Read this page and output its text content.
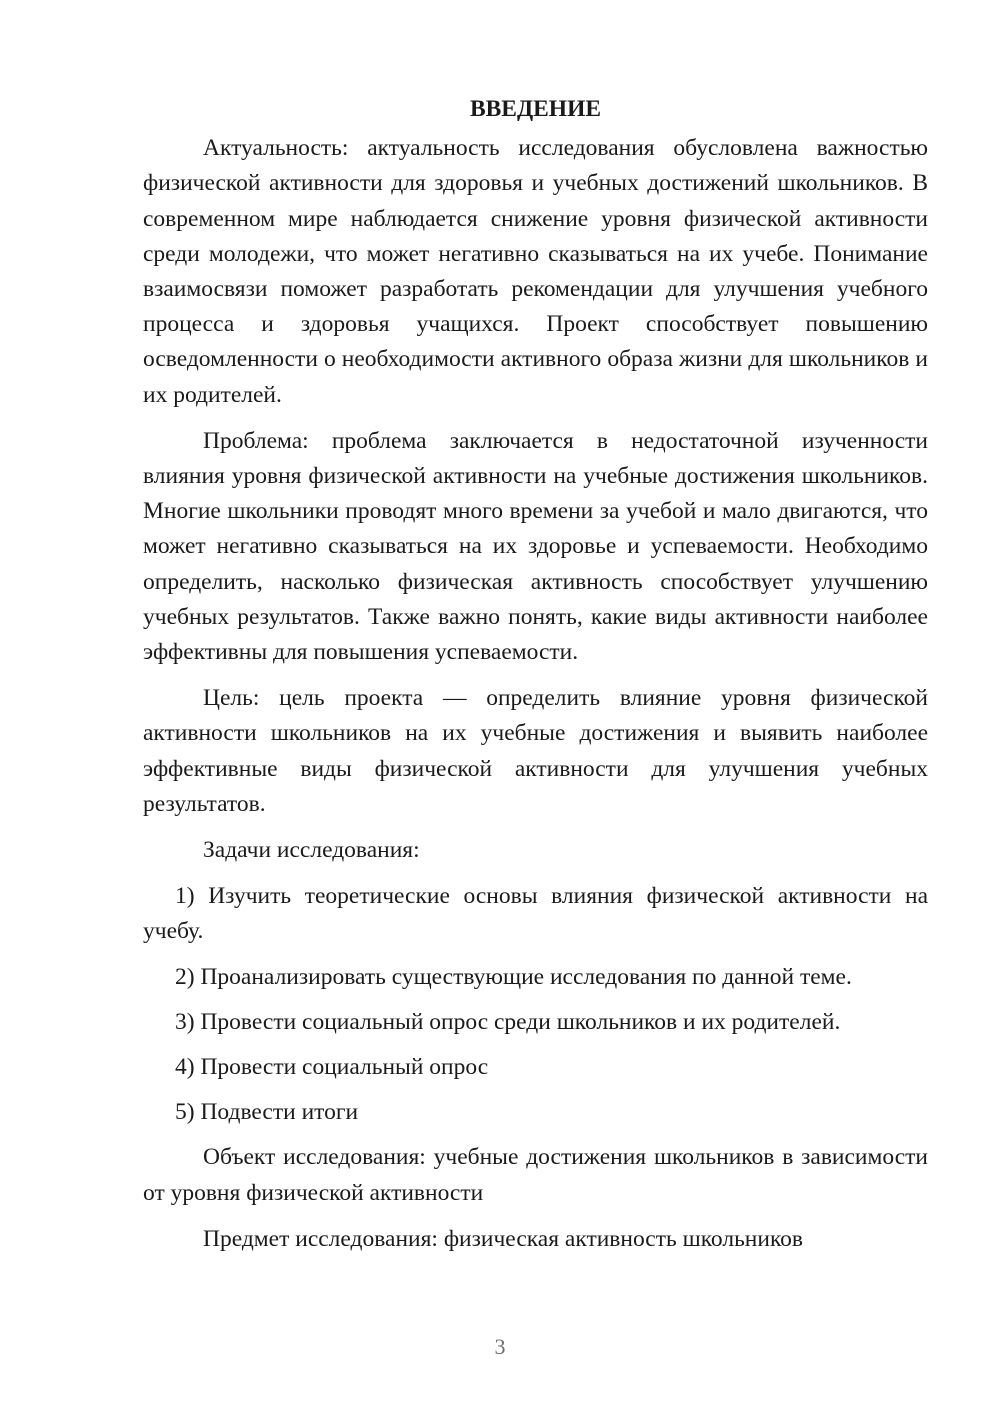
ВВЕДЕНИЕ

Актуальность: актуальность исследования обусловлена важностью физической активности для здоровья и учебных достижений школьников. В современном мире наблюдается снижение уровня физической активности среди молодежи, что может негативно сказываться на их учебе. Понимание взаимосвязи поможет разработать рекомендации для улучшения учебного процесса и здоровья учащихся. Проект способствует повышению осведомленности о необходимости активного образа жизни для школьников и их родителей.

Проблема: проблема заключается в недостаточной изученности влияния уровня физической активности на учебные достижения школьников. Многие школьники проводят много времени за учебой и мало двигаются, что может негативно сказываться на их здоровье и успеваемости. Необходимо определить, насколько физическая активность способствует улучшению учебных результатов. Также важно понять, какие виды активности наиболее эффективны для повышения успеваемости.

Цель: цель проекта — определить влияние уровня физической активности школьников на их учебные достижения и выявить наиболее эффективные виды физической активности для улучшения учебных результатов.

Задачи исследования:

1) Изучить теоретические основы влияния физической активности на учебу.

2) Проанализировать существующие исследования по данной теме.

3) Провести социальный опрос среди школьников и их родителей.

4) Провести социальный опрос

5) Подвести итоги

Объект исследования: учебные достижения школьников в зависимости от уровня физической активности

Предмет исследования: физическая активность школьников

3
